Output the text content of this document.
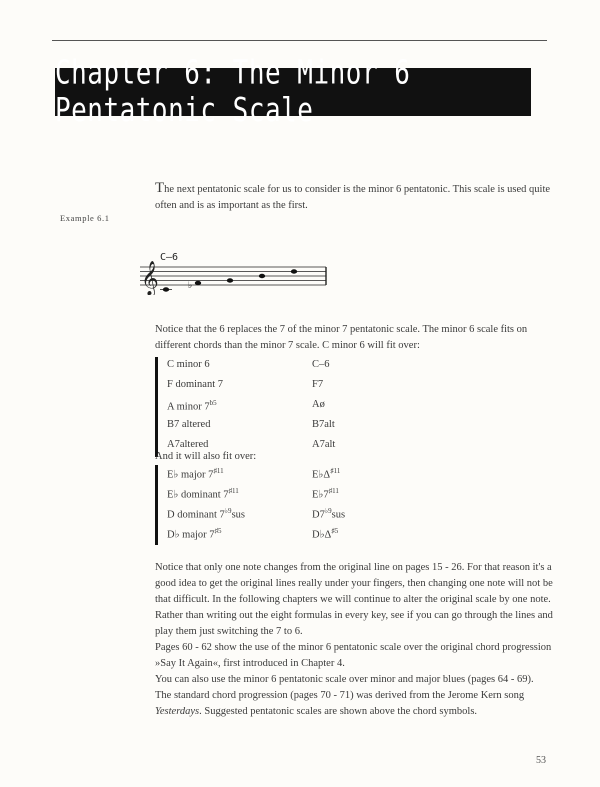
Chapter 6: The Minor 6 Pentatonic Scale
The next pentatonic scale for us to consider is the minor 6 pentatonic. This scale is used quite often and is as important as the first.
Example 6.1
C–6
𝄞	♭
Notice that the 6 replaces the 7 of the minor 7 pentatonic scale. The minor 6 scale fits on different chords than the minor 7 scale. C minor 6 will fit over:
C minor 6	C–6
F dominant 7	F7
A minor $7^{b5}$	Aø
B7 altered	B7alt
A7altered	A7alt
And it will also fit over:
E♭ major $7^{♯11}$	$E♭\Delta^{♯11}$
E♭ dominant $7^{♯11}$	$E♭7^{♯11}$
D dominant $7^{♭9}sus$	$D7^{♭9}sus$
D♭ major $7^{♯5}$	$D♭\Delta^{♯5}$
Notice that only one note changes from the original line on pages 15 - 26. For that reason it's a good idea to get the original lines really under your fingers, then changing one note will not be that difficult. In the following chapters we will continue to alter the original scale by one note.
Rather than writing out the eight formulas in every key, see if you can go through the lines and play them just switching the 7 to 6.
Pages 60 - 62 show the use of the minor 6 pentatonic scale over the original chord progression »Say It Again«, first introduced in Chapter 4.
You can also use the minor 6 pentatonic scale over minor and major blues (pages 64 - 69).
The standard chord progression (pages 70 - 71) was derived from the Jerome Kern song Yesterdays. Suggested pentatonic scales are shown above the chord symbols.
53
